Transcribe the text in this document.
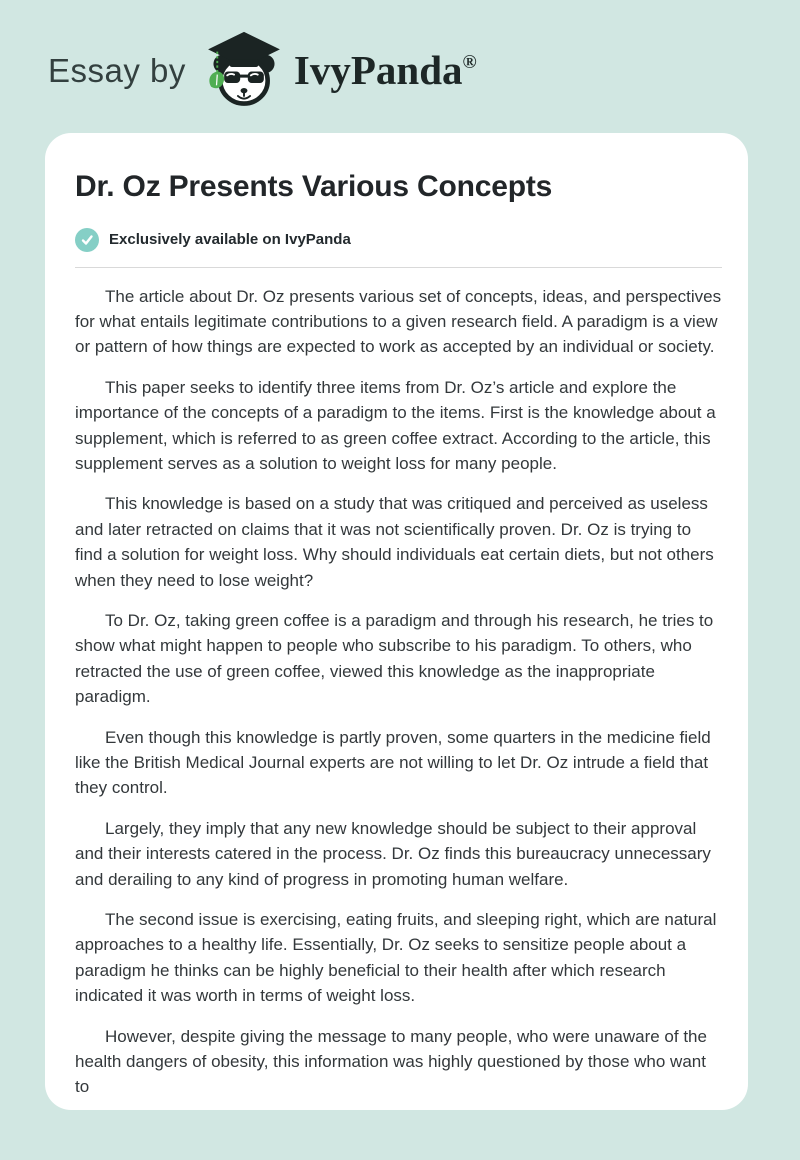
Essay by	IvyPanda®
Dr. Oz Presents Various Concepts
Exclusively available on IvyPanda

The article about Dr. Oz presents various set of concepts, ideas, and perspectives for what entails legitimate contributions to a given research field. A paradigm is a view or pattern of how things are expected to work as accepted by an individual or society.

This paper seeks to identify three items from Dr. Oz’s article and explore the importance of the concepts of a paradigm to the items. First is the knowledge about a supplement, which is referred to as green coffee extract. According to the article, this supplement serves as a solution to weight loss for many people.

This knowledge is based on a study that was critiqued and perceived as useless and later retracted on claims that it was not scientifically proven. Dr. Oz is trying to find a solution for weight loss. Why should individuals eat certain diets, but not others when they need to lose weight?

To Dr. Oz, taking green coffee is a paradigm and through his research, he tries to show what might happen to people who subscribe to his paradigm. To others, who retracted the use of green coffee, viewed this knowledge as the inappropriate paradigm.

Even though this knowledge is partly proven, some quarters in the medicine field like the British Medical Journal experts are not willing to let Dr. Oz intrude a field that they control.

Largely, they imply that any new knowledge should be subject to their approval and their interests catered in the process. Dr. Oz finds this bureaucracy unnecessary and derailing to any kind of progress in promoting human welfare.

The second issue is exercising, eating fruits, and sleeping right, which are natural approaches to a healthy life. Essentially, Dr. Oz seeks to sensitize people about a paradigm he thinks can be highly beneficial to their health after which research indicated it was worth in terms of weight loss.

However, despite giving the message to many people, who were unaware of the health dangers of obesity, this information was highly questioned by those who want to
